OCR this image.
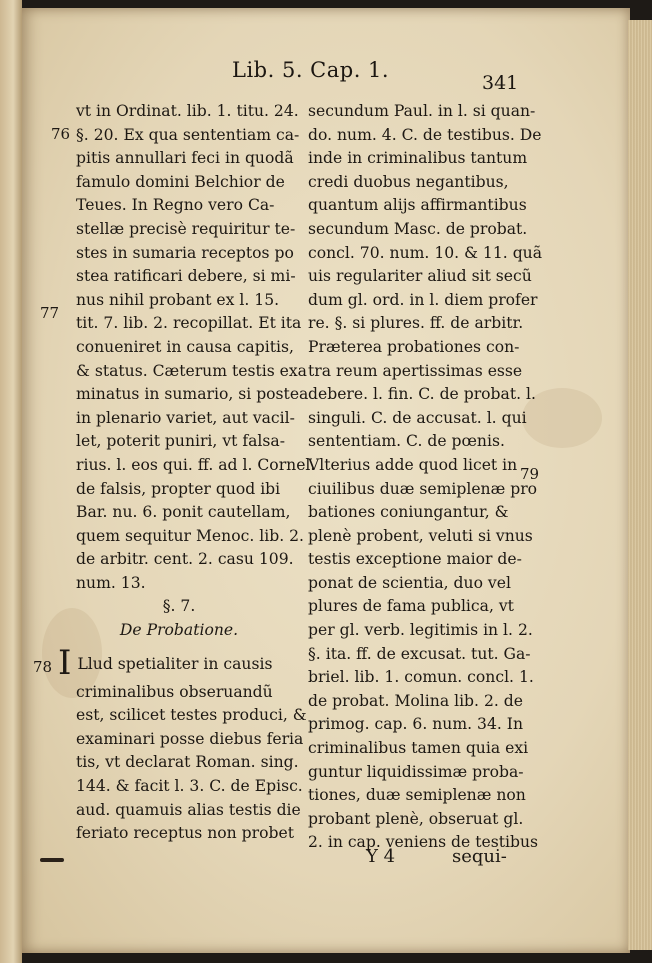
Lib. 5. Cap. 1.
341
76
77
78
79
vt in Ordinat. lib. 1. titu. 24.
§. 20. Ex qua sententiam ca-
pitis annullari feci in quodã
famulo domini Belchior de
Teues. In Regno vero Ca-
stellæ precisè requiritur te-
stes in sumaria receptos po
stea ratificari debere, si mi-
nus nihil probant ex l. 15.
tit. 7. lib. 2. recopillat. Et ita
conueniret in causa capitis,
& status. Cæterum testis exa
minatus in sumario, si postea
in plenario variet, aut vacil-
let, poterit puniri, vt falsa-
rius. l. eos qui. ff. ad l. Cornel.
de falsis, propter quod ibi
Bar. nu. 6. ponit cautellam,
quem sequitur Menoc. lib. 2.
de arbitr. cent. 2. casu 109.
num. 13.
§. 7.
De Probatione.
I Llud spetialiter in causis
criminalibus obseruandũ
est, scilicet testes produci, &
examinari posse diebus feria
tis, vt declarat Roman. sing.
144. & facit l. 3. C. de Episc.
aud. quamuis alias testis die
feriato receptus non probet
secundum Paul. in l. si quan-
do. num. 4. C. de testibus. De
inde in criminalibus tantum
credi duobus negantibus,
quantum alijs affirmantibus
secundum Masc. de probat.
concl. 70. num. 10. & 11. quã
uis regulariter aliud sit secũ
dum gl. ord. in l. diem profer
re. §. si plures. ff. de arbitr.
Præterea probationes con-
tra reum apertissimas esse
debere. l. fin. C. de probat. l.
singuli. C. de accusat. l. qui
sententiam. C. de pœnis.
Vlterius adde quod licet in
ciuilibus duæ semiplenæ pro
bationes coniungantur, &
plenè probent, veluti si vnus
testis exceptione maior de-
ponat de scientia, duo vel
plures de fama publica, vt
per gl. verb. legitimis in l. 2.
§. ita. ff. de excusat. tut. Ga-
briel. lib. 1. comun. concl. 1.
de probat. Molina lib. 2. de
primog. cap. 6. num. 34. In
criminalibus tamen quia exi
guntur liquidissimæ proba-
tiones, duæ semiplenæ non
probant plenè, obseruat gl.
2. in cap. veniens de testibus
Y 4	sequi-
